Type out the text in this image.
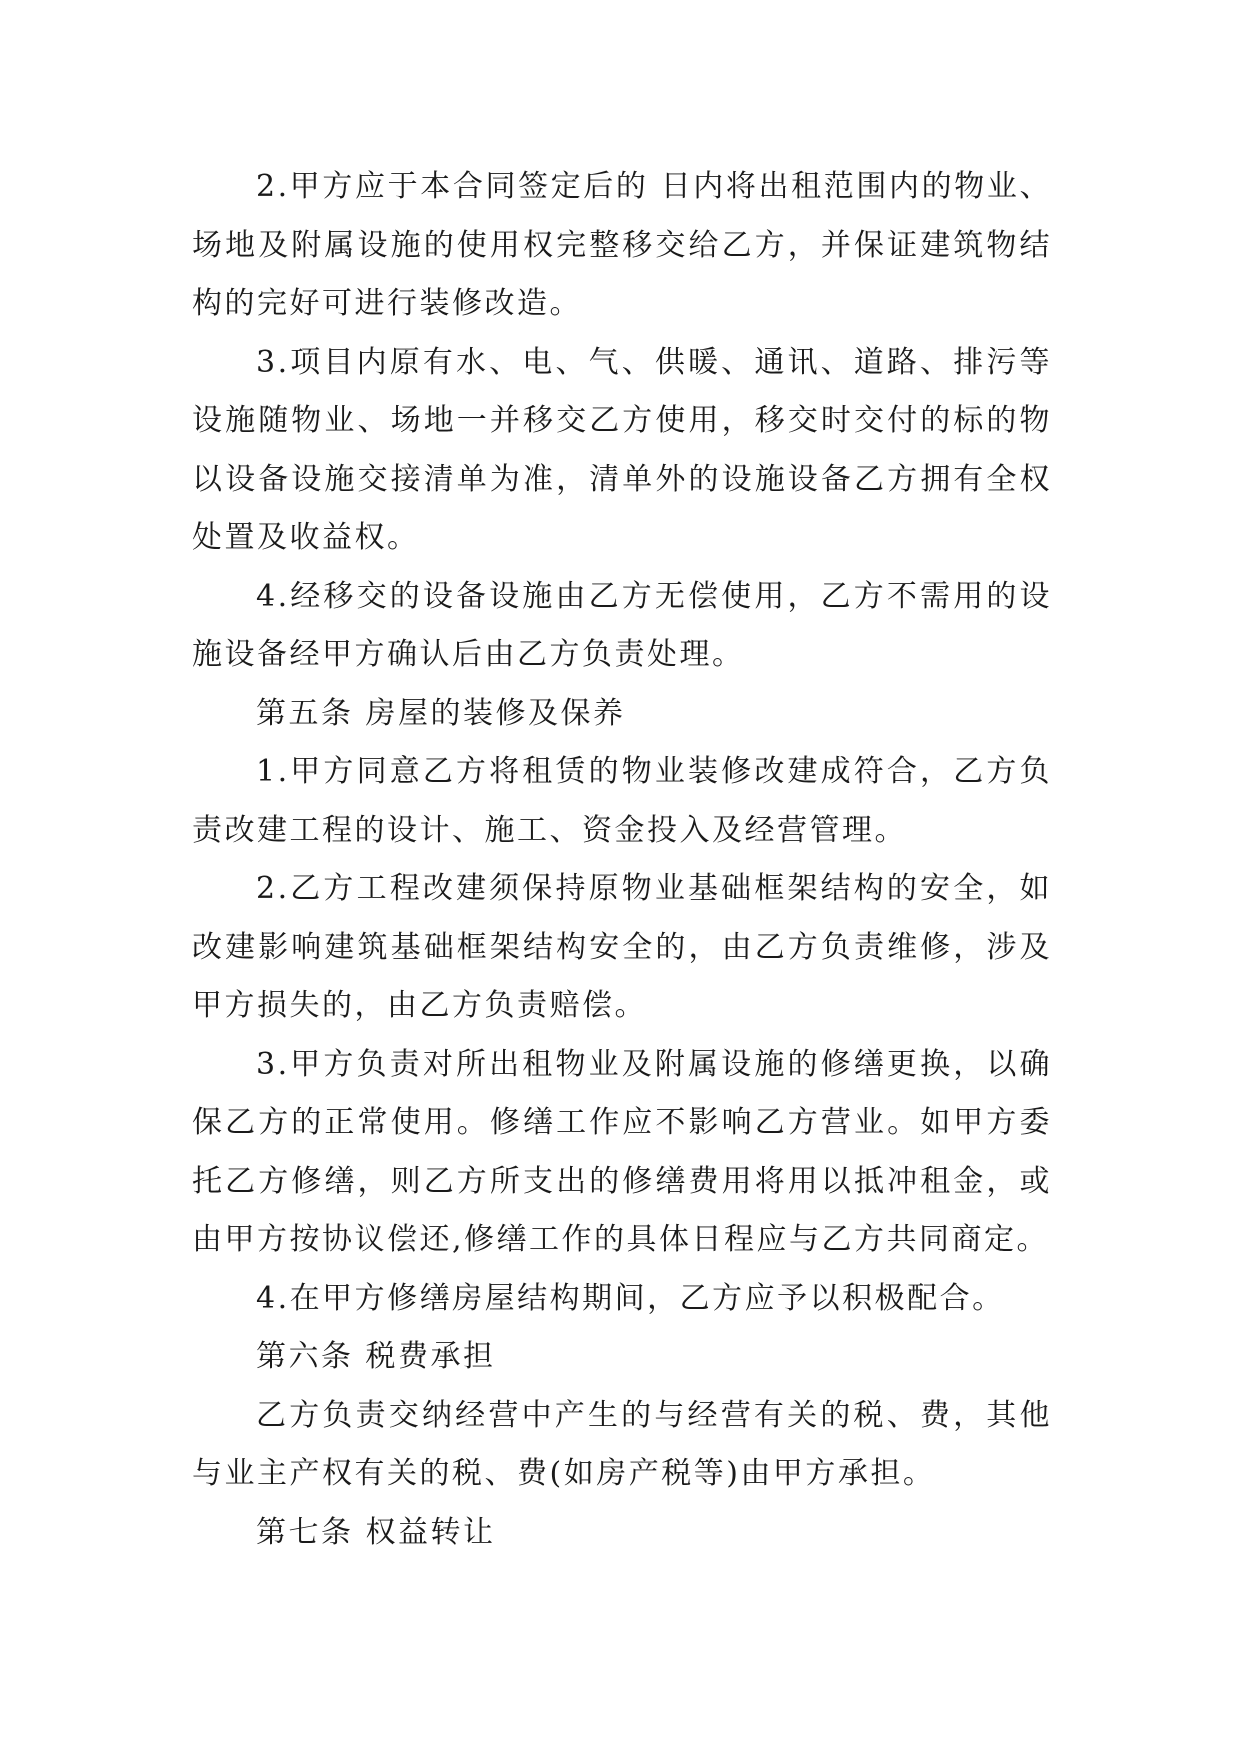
2.甲方应于本合同签定后的 日内将出租范围内的物业、场地及附属设施的使用权完整移交给乙方，并保证建筑物结构的完好可进行装修改造。

3.项目内原有水、电、气、供暖、通讯、道路、排污等设施随物业、场地一并移交乙方使用，移交时交付的标的物以设备设施交接清单为准，清单外的设施设备乙方拥有全权处置及收益权。

4.经移交的设备设施由乙方无偿使用，乙方不需用的设施设备经甲方确认后由乙方负责处理。

第五条 房屋的装修及保养

1.甲方同意乙方将租赁的物业装修改建成符合，乙方负责改建工程的设计、施工、资金投入及经营管理。

2.乙方工程改建须保持原物业基础框架结构的安全，如改建影响建筑基础框架结构安全的，由乙方负责维修，涉及甲方损失的，由乙方负责赔偿。

3.甲方负责对所出租物业及附属设施的修缮更换，以确保乙方的正常使用。修缮工作应不影响乙方营业。如甲方委托乙方修缮，则乙方所支出的修缮费用将用以抵冲租金，或由甲方按协议偿还,修缮工作的具体日程应与乙方共同商定。

4.在甲方修缮房屋结构期间，乙方应予以积极配合。

第六条 税费承担

乙方负责交纳经营中产生的与经营有关的税、费，其他与业主产权有关的税、费(如房产税等)由甲方承担。

第七条 权益转让
